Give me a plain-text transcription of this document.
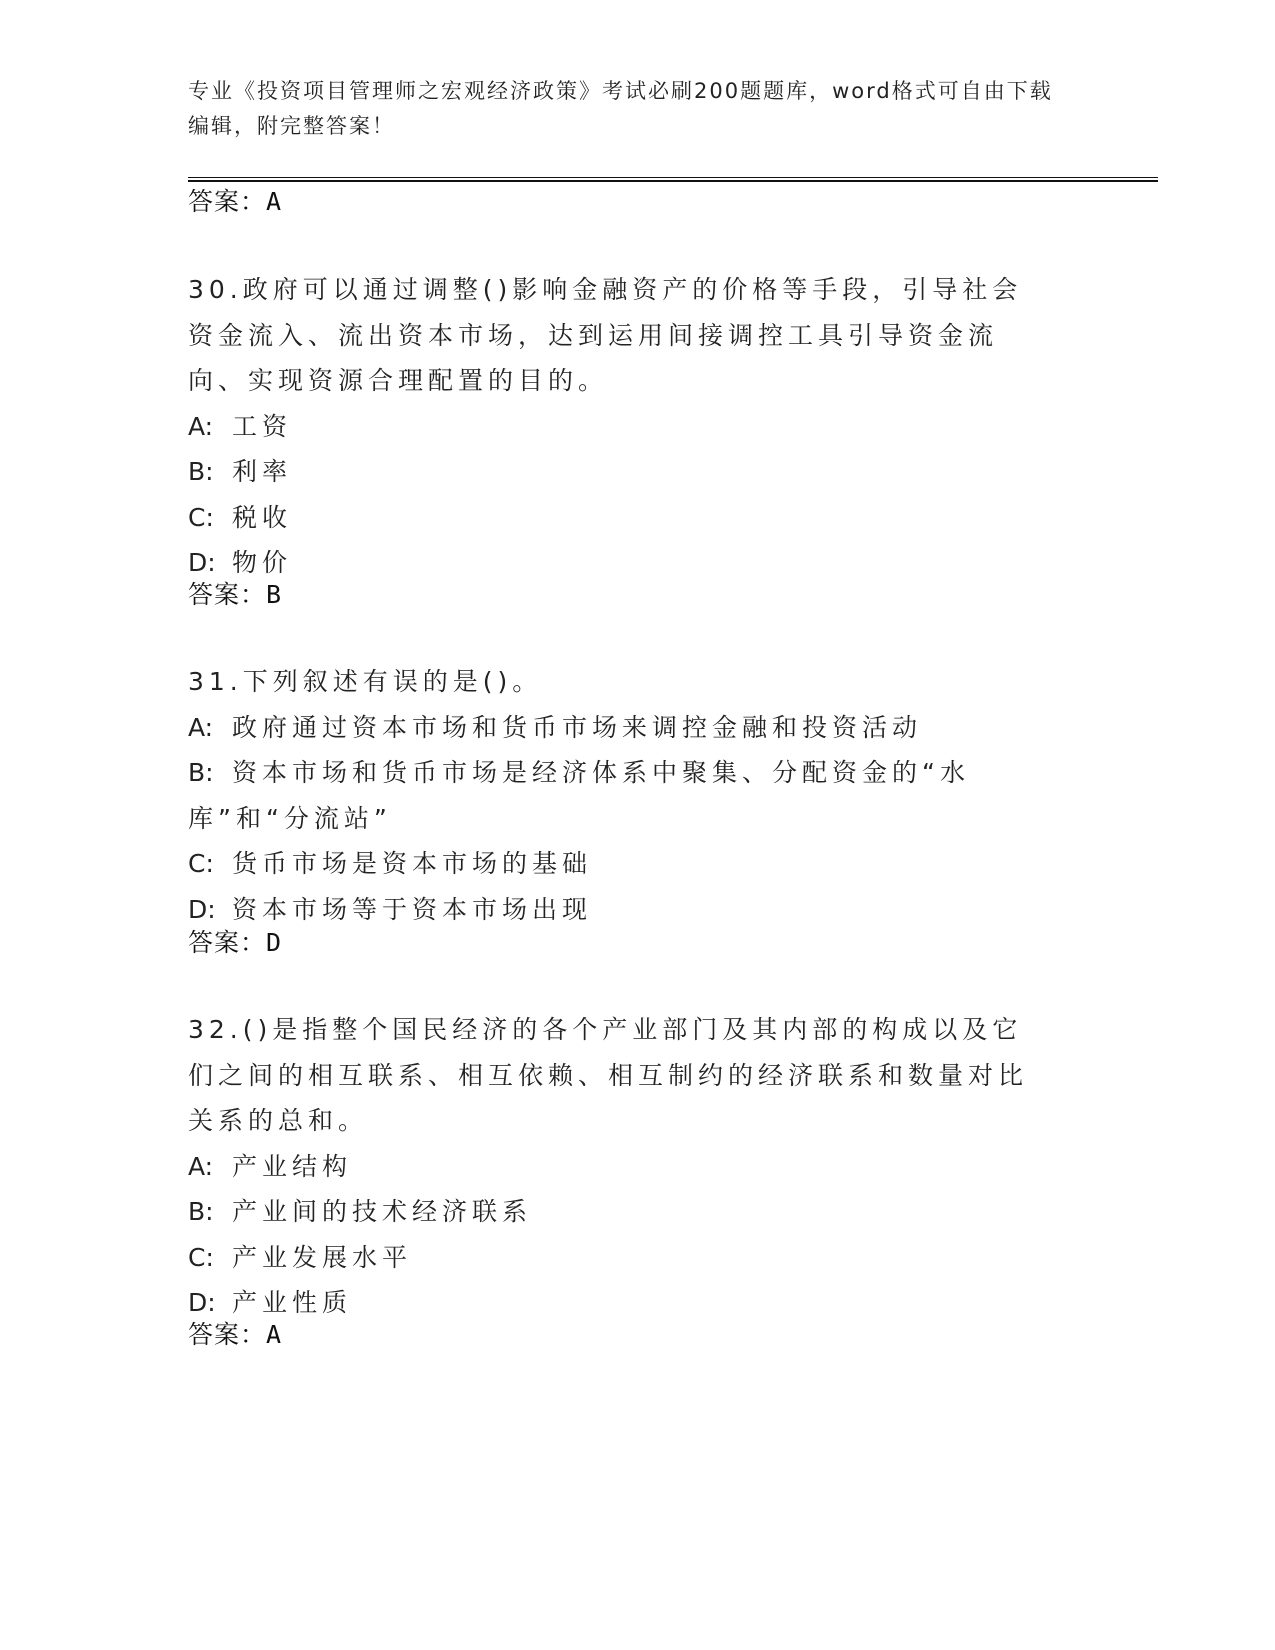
专业《投资项目管理师之宏观经济政策》考试必刷200题题库，word格式可自由下载编辑，附完整答案！

答案：A

30.政府可以通过调整()影响金融资产的价格等手段，引导社会资金流入、流出资本市场，达到运用间接调控工具引导资金流向、实现资源合理配置的目的。

A: 工资

B: 利率

C: 税收

D: 物价

答案：B

31.下列叙述有误的是()。

A: 政府通过资本市场和货币市场来调控金融和投资活动

B: 资本市场和货币市场是经济体系中聚集、分配资金的“水库”和“分流站”

C: 货币市场是资本市场的基础

D: 资本市场等于资本市场出现

答案：D

32.()是指整个国民经济的各个产业部门及其内部的构成以及它们之间的相互联系、相互依赖、相互制约的经济联系和数量对比关系的总和。

A: 产业结构

B: 产业间的技术经济联系

C: 产业发展水平

D: 产业性质

答案：A
